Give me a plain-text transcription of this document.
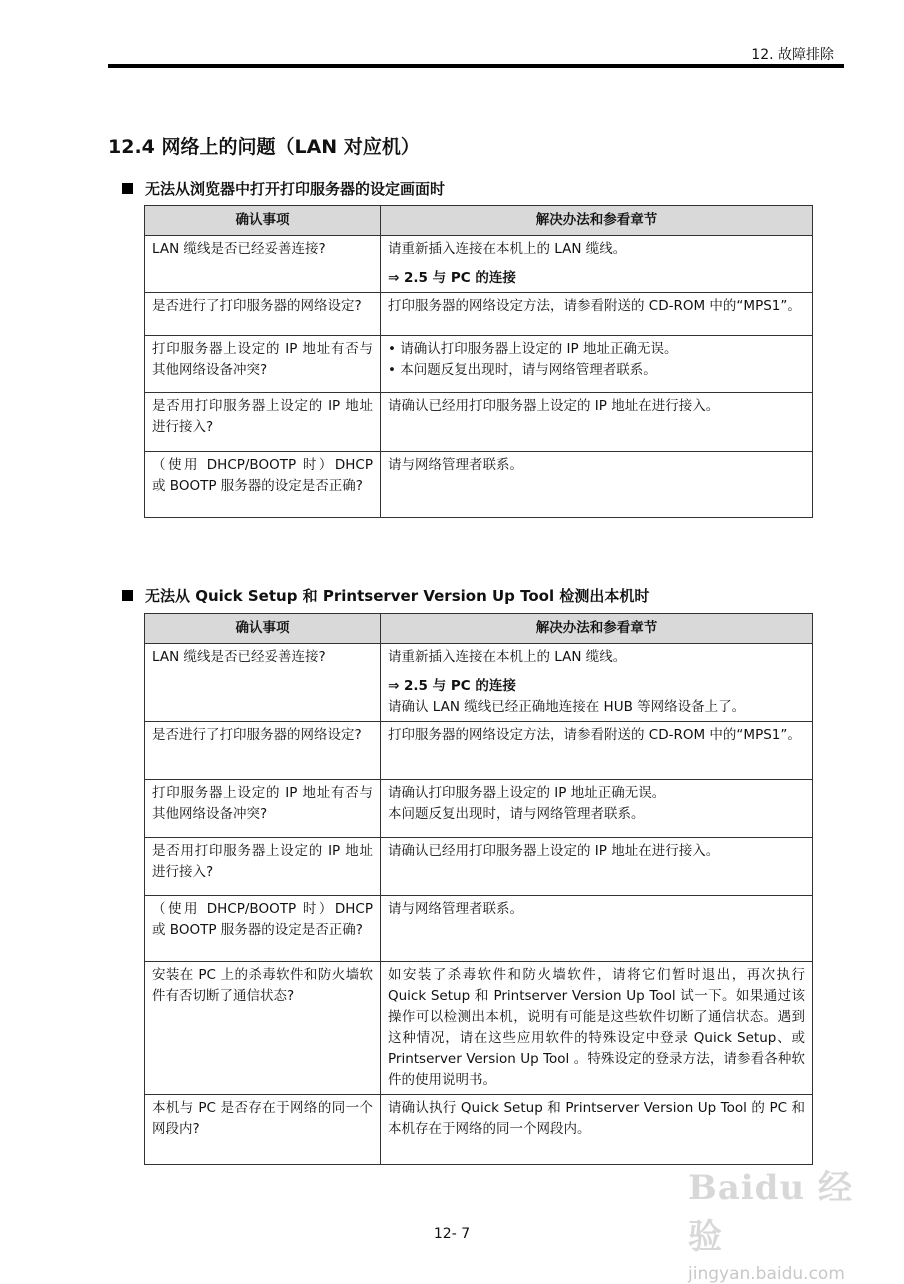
12. 故障排除
12.4 网络上的问题（LAN 对应机）
无法从浏览器中打开打印服务器的设定画面时
确认事项	解决办法和参看章节
LAN 缆线是否已经妥善连接?	请重新插入连接在本机上的 LAN 缆线。
⇒ 2.5 与 PC 的连接

是否进行了打印服务器的网络设定?	打印服务器的网络设定方法，请参看附送的 CD-ROM 中的“MPS1”。
打印服务器上设定的 IP 地址有否与其他网络设备冲突?	• 请确认打印服务器上设定的 IP 地址正确无误。
• 本问题反复出现时，请与网络管理者联系。

是否用打印服务器上设定的 IP 地址进行接入?	请确认已经用打印服务器上设定的 IP 地址在进行接入。
（使用 DHCP/BOOTP 时）DHCP 或 BOOTP 服务器的设定是否正确?	请与网络管理者联系。
无法从 Quick Setup 和 Printserver Version Up Tool 检测出本机时
确认事项	解决办法和参看章节
LAN 缆线是否已经妥善连接?	请重新插入连接在本机上的 LAN 缆线。
⇒ 2.5 与 PC 的连接
请确认 LAN 缆线已经正确地连接在 HUB 等网络设备上了。

是否进行了打印服务器的网络设定?	打印服务器的网络设定方法，请参看附送的 CD-ROM 中的“MPS1”。
打印服务器上设定的 IP 地址有否与其他网络设备冲突?	请确认打印服务器上设定的 IP 地址正确无误。
本问题反复出现时，请与网络管理者联系。

是否用打印服务器上设定的 IP 地址进行接入?	请确认已经用打印服务器上设定的 IP 地址在进行接入。
（使用 DHCP/BOOTP 时）DHCP 或 BOOTP 服务器的设定是否正确?	请与网络管理者联系。
安装在 PC 上的杀毒软件和防火墙软件有否切断了通信状态?	如安装了杀毒软件和防火墙软件，请将它们暂时退出，再次执行 Quick Setup 和 Printserver Version Up Tool 试一下。如果通过该操作可以检测出本机，说明有可能是这些软件切断了通信状态。遇到这种情况，请在这些应用软件的特殊设定中登录 Quick Setup、或 Printserver Version Up Tool 。特殊设定的登录方法，请参看各种软件的使用说明书。
本机与 PC 是否存在于网络的同一个网段内?	请确认执行 Quick Setup 和 Printserver Version Up Tool 的 PC 和本机存在于网络的同一个网段内。
12- 7
Baidu 经验
jingyan.baidu.com
